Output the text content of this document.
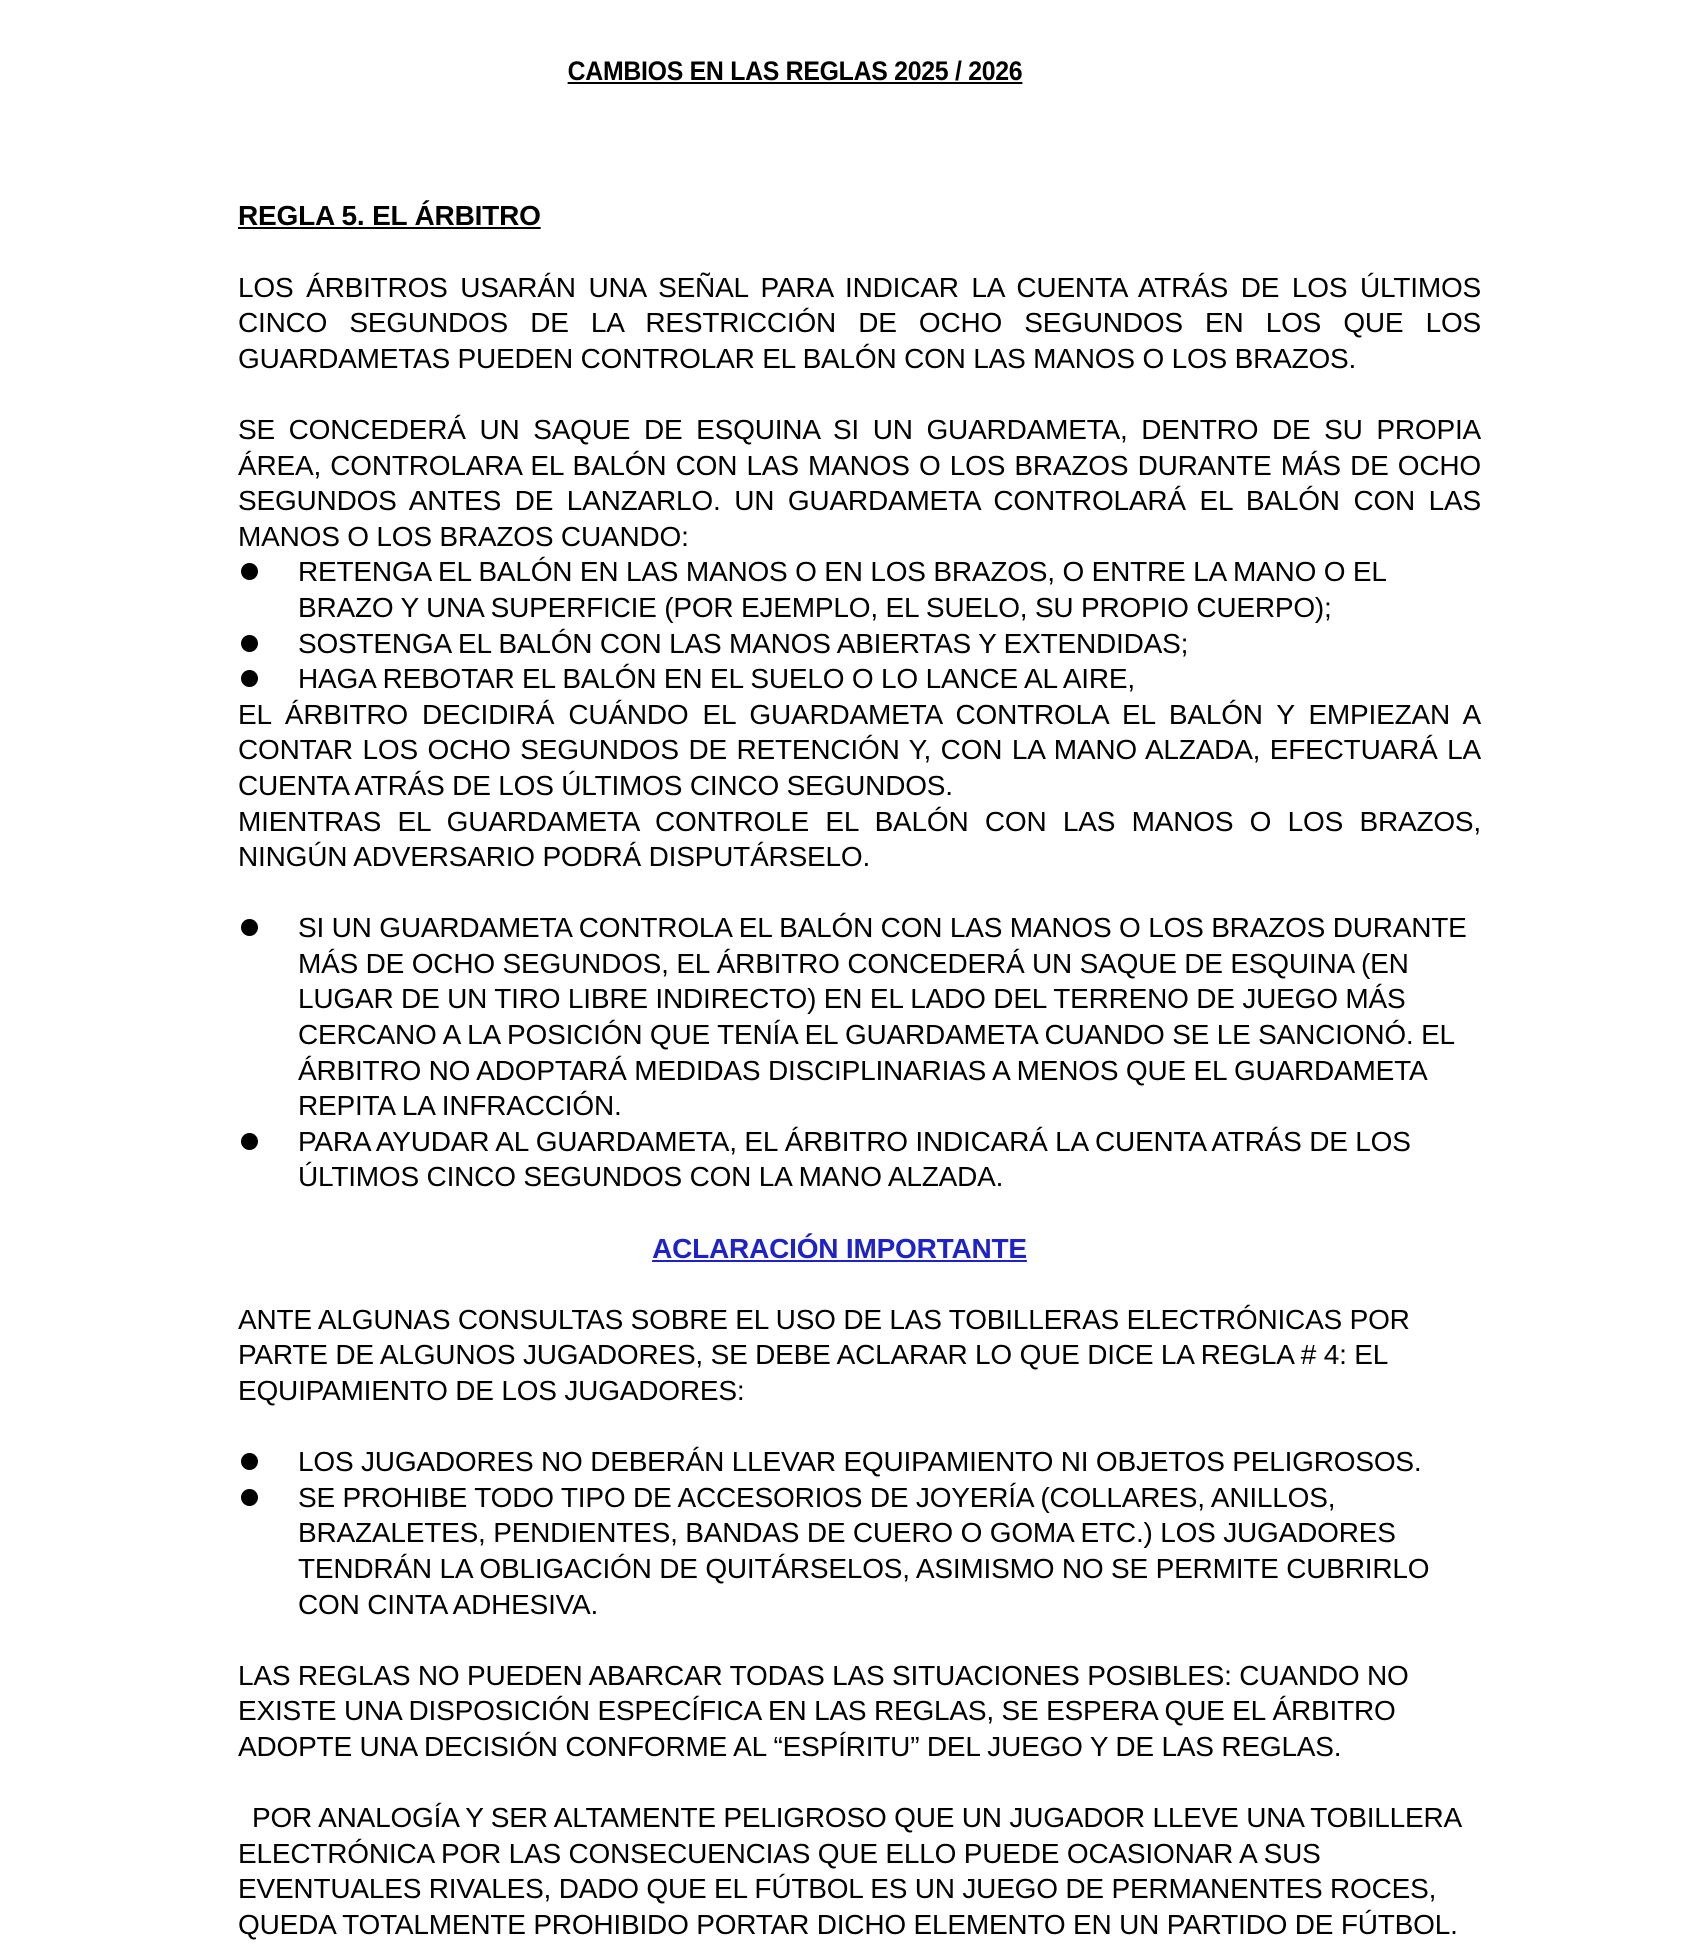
CAMBIOS EN LAS REGLAS 2025 / 2026
REGLA 5. EL ÁRBITRO

LOS ÁRBITROS USARÁN UNA SEÑAL PARA INDICAR LA CUENTA ATRÁS DE LOS ÚLTIMOS CINCO SEGUNDOS DE LA RESTRICCIÓN DE OCHO SEGUNDOS EN LOS QUE LOS GUARDAMETAS PUEDEN CONTROLAR EL BALÓN CON LAS MANOS O LOS BRAZOS.

SE CONCEDERÁ UN SAQUE DE ESQUINA SI UN GUARDAMETA, DENTRO DE SU PROPIA ÁREA, CONTROLARA EL BALÓN CON LAS MANOS O LOS BRAZOS DURANTE MÁS DE OCHO SEGUNDOS ANTES DE LANZARLO. UN GUARDAMETA CONTROLARÁ EL BALÓN CON LAS MANOS O LOS BRAZOS CUANDO:

RETENGA EL BALÓN EN LAS MANOS O EN LOS BRAZOS, O ENTRE LA MANO O EL BRAZO Y UNA SUPERFICIE (POR EJEMPLO, EL SUELO, SU PROPIO CUERPO);
SOSTENGA EL BALÓN CON LAS MANOS ABIERTAS Y EXTENDIDAS;
HAGA REBOTAR EL BALÓN EN EL SUELO O LO LANCE AL AIRE,

EL ÁRBITRO DECIDIRÁ CUÁNDO EL GUARDAMETA CONTROLA EL BALÓN Y EMPIEZAN A CONTAR LOS OCHO SEGUNDOS DE RETENCIÓN Y, CON LA MANO ALZADA, EFECTUARÁ LA CUENTA ATRÁS DE LOS ÚLTIMOS CINCO SEGUNDOS.

MIENTRAS EL GUARDAMETA CONTROLE EL BALÓN CON LAS MANOS O LOS BRAZOS, NINGÚN ADVERSARIO PODRÁ DISPUTÁRSELO.

SI UN GUARDAMETA CONTROLA EL BALÓN CON LAS MANOS O LOS BRAZOS DURANTE MÁS DE OCHO SEGUNDOS, EL ÁRBITRO CONCEDERÁ UN SAQUE DE ESQUINA (EN LUGAR DE UN TIRO LIBRE INDIRECTO) EN EL LADO DEL TERRENO DE JUEGO MÁS CERCANO A LA POSICIÓN QUE TENÍA EL GUARDAMETA CUANDO SE LE SANCIONÓ. EL ÁRBITRO NO ADOPTARÁ MEDIDAS DISCIPLINARIAS A MENOS QUE EL GUARDAMETA REPITA LA INFRACCIÓN.
PARA AYUDAR AL GUARDAMETA, EL ÁRBITRO INDICARÁ LA CUENTA ATRÁS DE LOS ÚLTIMOS CINCO SEGUNDOS CON LA MANO ALZADA.

ACLARACIÓN IMPORTANTE

ANTE ALGUNAS CONSULTAS SOBRE EL USO DE LAS TOBILLERAS ELECTRÓNICAS POR PARTE DE ALGUNOS JUGADORES, SE DEBE ACLARAR LO QUE DICE LA REGLA # 4: EL EQUIPAMIENTO DE LOS JUGADORES:

LOS JUGADORES NO DEBERÁN LLEVAR EQUIPAMIENTO NI OBJETOS PELIGROSOS.
SE PROHIBE TODO TIPO DE ACCESORIOS DE JOYERÍA (COLLARES, ANILLOS, BRAZALETES, PENDIENTES, BANDAS DE CUERO O GOMA ETC.) LOS JUGADORES TENDRÁN LA OBLIGACIÓN DE QUITÁRSELOS, ASIMISMO NO SE PERMITE CUBRIRLO CON CINTA ADHESIVA.

LAS REGLAS NO PUEDEN ABARCAR TODAS LAS SITUACIONES POSIBLES: CUANDO NO EXISTE UNA DISPOSICIÓN ESPECÍFICA EN LAS REGLAS, SE ESPERA QUE EL ÁRBITRO ADOPTE UNA DECISIÓN CONFORME AL “ESPÍRITU” DEL JUEGO Y DE LAS REGLAS.

POR ANALOGÍA Y SER ALTAMENTE PELIGROSO QUE UN JUGADOR LLEVE UNA TOBILLERA ELECTRÓNICA POR LAS CONSECUENCIAS QUE ELLO PUEDE OCASIONAR A SUS EVENTUALES RIVALES, DADO QUE EL FÚTBOL ES UN JUEGO DE PERMANENTES ROCES, QUEDA TOTALMENTE PROHIBIDO PORTAR DICHO ELEMENTO EN UN PARTIDO DE FÚTBOL.
